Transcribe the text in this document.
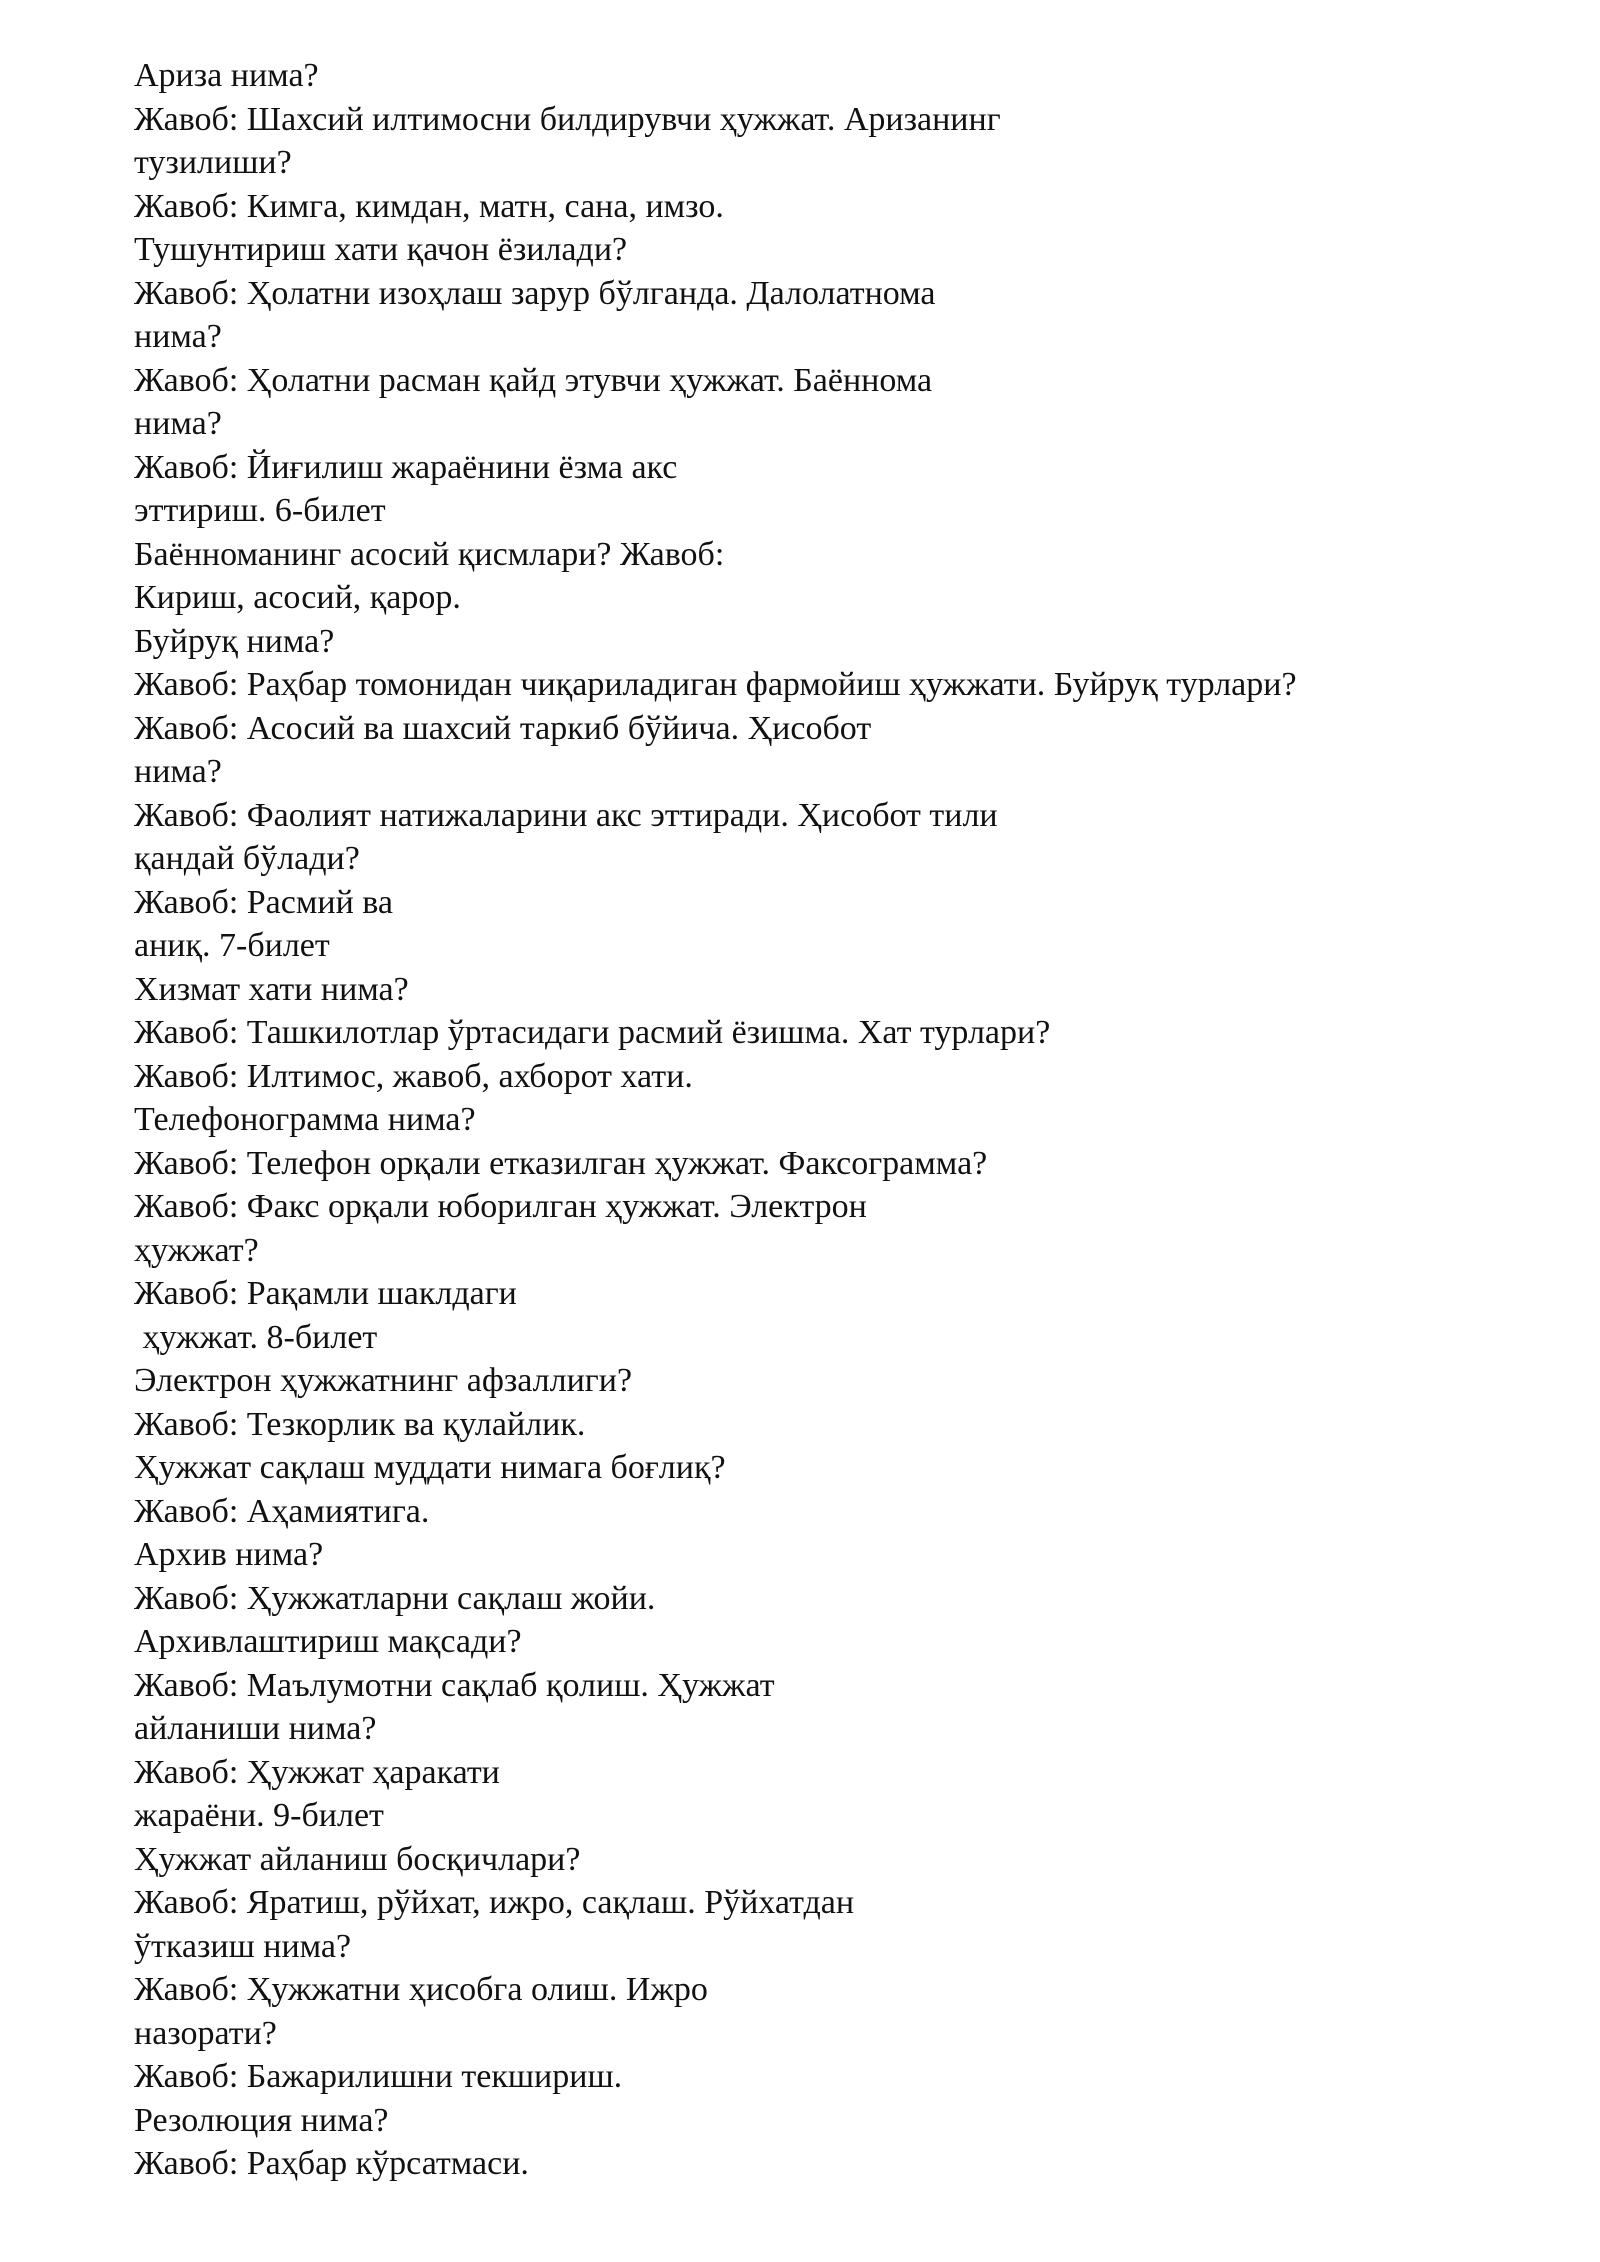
Ариза нима?
Жавоб: Шахсий илтимосни билдирувчи ҳужжат. Аризанинг
тузилиши?
Жавоб: Кимга, кимдан, матн, сана, имзо.
Тушунтириш хати қачон ёзилади?
Жавоб: Ҳолатни изоҳлаш зарур бўлганда. Далолатнома
нима?
Жавоб: Ҳолатни расман қайд этувчи ҳужжат. Баённома
нима?
Жавоб: Йиғилиш жараёнини ёзма акс
эттириш. 6-билет
Баённоманинг асосий қисмлари? Жавоб:
Кириш, асосий, қарор.
Буйруқ нима?
Жавоб: Раҳбар томонидан чиқариладиган фармойиш ҳужжати. Буйруқ турлари?
Жавоб: Асосий ва шахсий таркиб бўйича. Ҳисобот
нима?
Жавоб: Фаолият натижаларини акс эттиради. Ҳисобот тили
қандай бўлади?
Жавоб: Расмий ва
аниқ. 7-билет
Хизмат хати нима?
Жавоб: Ташкилотлар ўртасидаги расмий ёзишма. Хат турлари?
Жавоб: Илтимос, жавоб, ахборот хати.
Телефонограмма нима?
Жавоб: Телефон орқали етказилган ҳужжат. Факсограмма?
Жавоб: Факс орқали юборилган ҳужжат. Электрон
ҳужжат?
Жавоб: Рақамли шаклдаги
ҳужжат. 8-билет
Электрон ҳужжатнинг афзаллиги?
Жавоб: Тезкорлик ва қулайлик.
Ҳужжат сақлаш муддати нимага боғлиқ?
Жавоб: Аҳамиятига.
Архив нима?
Жавоб: Ҳужжатларни сақлаш жойи.
Архивлаштириш мақсади?
Жавоб: Маълумотни сақлаб қолиш. Ҳужжат
айланиши нима?
Жавоб: Ҳужжат ҳаракати
жараёни. 9-билет
Ҳужжат айланиш босқичлари?
Жавоб: Яратиш, рўйхат, ижро, сақлаш. Рўйхатдан
ўтказиш нима?
Жавоб: Ҳужжатни ҳисобга олиш. Ижро
назорати?
Жавоб: Бажарилишни текшириш.
Резолюция нима?
Жавоб: Раҳбар кўрсатмаси.
